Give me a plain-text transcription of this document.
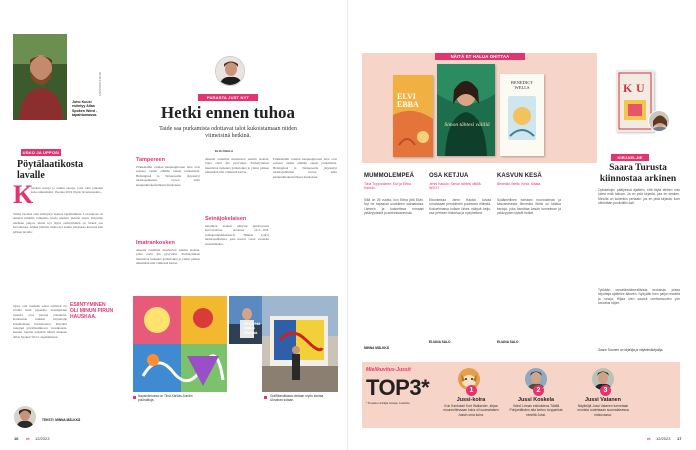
Juho Kuusi esiintyy Allas Spoken Word -tapahtumassa.
PETRI KUOKKANEN
USKO JA UPPOSI
Pöytälaatikosta lavalle
K
irjoitan runoja ja laulun sanoja, joita olen jatkanut koko aikuisikäni. Vuonna 2019 löysin lavarunouden...
Viime vuosina olen esiintynyt useissa tapahtumissa. Lavarunous on antanut minulle rohkeutta tuoda tekstini yleisön eteen. Kirjoitan edelleen paljon, mutta nyt myös esiintyminen on tärkeä osa luovuuttani. Aluksi jännitti, mutta nyt nautin jokaisesta kerrasta kun pääsen lavalle.
ESIINTYMINEN OLI MINUN PIRUN HAUSKAA.
Opin, että ruudulla sanat toimivat eri tavalla kuin paperilla. Kuulijoiden reaktiot ovat parasta palautetta. Kannustan kaikkia kirjoittajia kokeilemaan lavarunoutta. Kirjoitin runojani pöytälaatikkoon vuosikausia, kunnes lopulta uskalsin lähteä mukaan Allas Spoken Word -tapahtumaan.
TEKSTI: MINNA MÄLKKÄ
PARASTA JUST NYT
Hetki ennen tuhoa
Taide saa purkamista odottavat talot kukoistamaan niiden viimeisinä hetkinä.
ELIA ÖHALA
Tampereen
Pirkkahallin vanhan kaupunginosan talot ovat saaneet uuden elämän ennen purkamista. Helsingissä ja Tampereella järjestetyt taidetapahtumat tuovat esiin kaupunkirakentamisen muutokset.
Imatrankosken
alueella taiteilijat maalasivat seiniin teoksia, jotka eivät jää pysyviksi. Purkutyömaat muuttuvat hetkeksi gallerioiksi ja yleisö pääsee näkemään tilat viimeistä kertaa.
alueella taiteilijat maalasivat seiniin teoksia, jotka eivät jää pysyviksi. Purkutyömaat muuttuvat hetkeksi gallerioiksi ja yleisö pääsee näkemään tilat viimeistä kertaa.
Seinäjokelaisen
taiteilijan teokset näkyvät purettavassa kerrostalossa. Avoinna 14.3.–10.8. semagotaipehkoinen.fi. Hiukan syntyi taidetapahtumaa, joka kasvoi vuosi vuodelta suuremmaksi.
Pirkkahallin vanhan kaupunginosan talot ovat saaneet uuden elämän ennen purkamista. Helsingissä ja Tampereella järjestetyt taidetapahtumat tuovat esiin kaupunkirakentamisen muutokset.
Napsinlimossa on Tiina Kärkäs-Sundin puuhailtuja.
JP Köyhkä maalaa Pinnissä.
Graffitiandilassa otetaan myös kantaa Ukrainan sotaan.
16 et 12/2023
NÄITÄ ET HALUA OHITTAA
ELVI EBBA
Simon tähtesi välillä
BENEDICT WELLS
MUMMOLEMPEÄ
Tiina Tuppurainen: Elvi ja Ebba. Karisto.
Sillä on 25 vuotta, kun Ebba jätti Elvin. Nyt he tapaavat uudelleen sairaalassa. Lämmin ja koskettava romaani ystävyydestä ja anteeksiannosta.
MINNA MÄLKKÄ
OSA KETJUA
Jenni Haukio: Simon tähtesi välillä. WSOY.
Ebookeissa Jenni Haukio kuvaa runoissaan presidentin puolisona elämää. Kokoelmassa kulkee lähes näkyvä ketju, osa perheen historiaa ja nykyhetkeä.
ELIANA SALO
KASVUN KESÄ
Benedict Wells: Kesä. Siltala.
Sydämellinen romaani nuoruudesta ja kasvamisesta. Benedict Wells on taitava kertoja, joka tavoittaa kesän tunnelman ja ystävyyden kipeät hetket.
ELIANA SALO
K U
KIRJAELJIE
Saara Turusta kiinnostaa arkinen
Opiskelujen päätyessä ajattelin, että täytä lähtien voin lukea mitä haluan. Ja on pidä kirjasta, jota en kesken. Minulla on kuitenkin periaate: jos en pidä kirjasta, luen vähintään puoliväliin asti.
Tykkään omaelämäkerrallisista teoksista, joissa kirjoittaja ajattelee ääneen. Nykyään luen paljon esseitä ja runoja. Hiljaa olen saanut unettomuuden yön seuraksi kirjan.
Saara Turunen on kirjailija ja näytelmäkirjailija.
Mielikuvitus-Jussit
TOP3*
* Punaisia nimitäjiä Jusseja, Jussiloita
1
Jussi-koira
Kun Kantokari Kurt Wallander -kirjaa muunnellessaan koira oli suomalaisen Jussin oma koira.
2
Jussi Koskela
Väinö Linnan esikoisteos Täällä Pohjantähden alla kertoo torpparista nimeltä Jussi.
3
Jussi Vatanen
Näyttelijä Jussi Vatanen tunnetaan monista rooleistaan suomalaisessa elokuvassa.
et 12/2023 17
